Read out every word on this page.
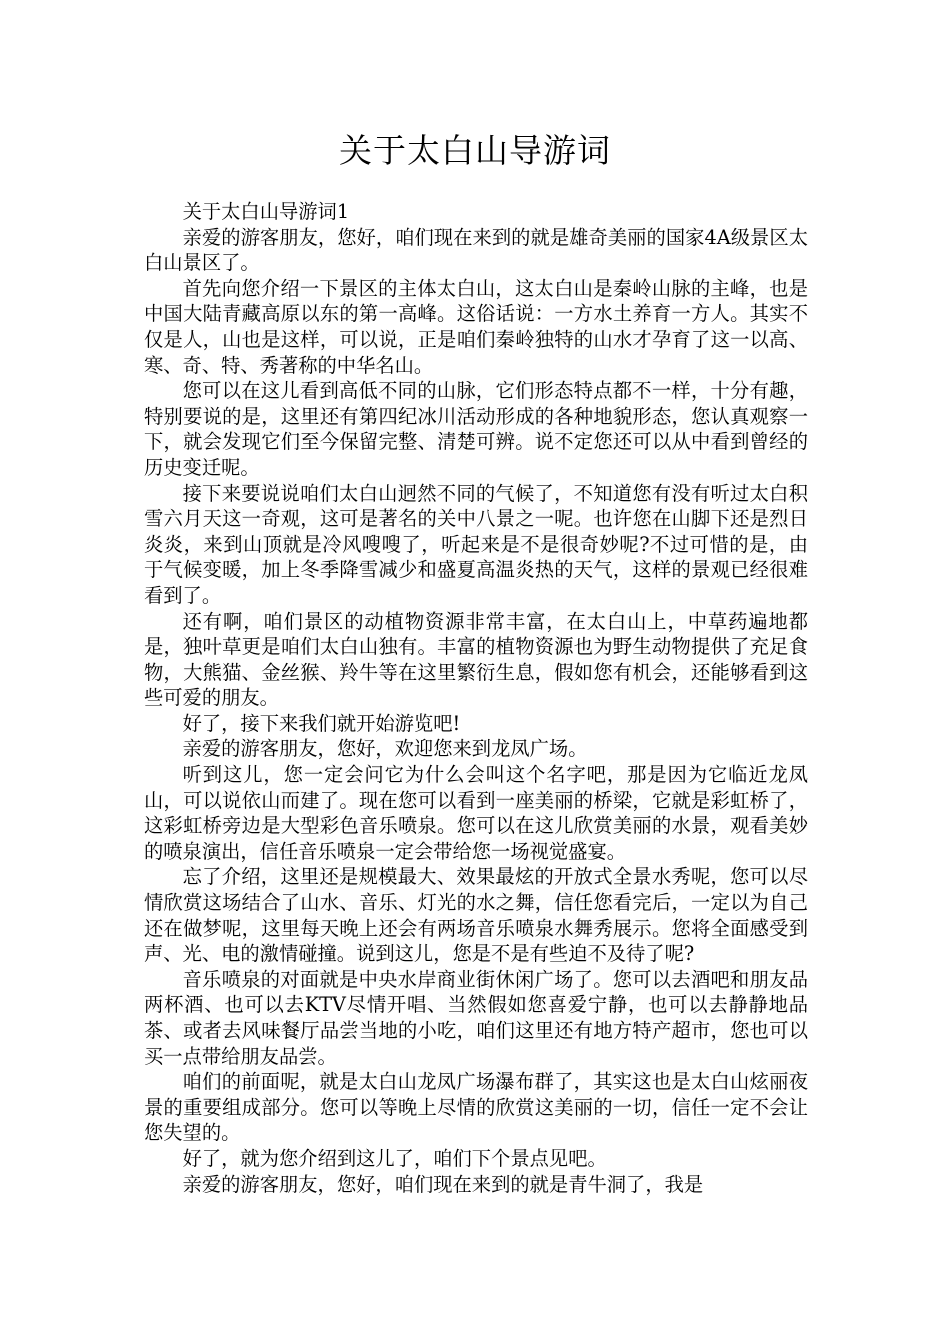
关于太白山导游词

关于太白山导游词1

亲爱的游客朋友，您好，咱们现在来到的就是雄奇美丽的国家4A级景区太白山景区了。

首先向您介绍一下景区的主体太白山，这太白山是秦岭山脉的主峰，也是中国大陆青藏高原以东的第一高峰。这俗话说：一方水土养育一方人。其实不仅是人，山也是这样，可以说，正是咱们秦岭独特的山水才孕育了这一以高、寒、奇、特、秀著称的中华名山。

您可以在这儿看到高低不同的山脉，它们形态特点都不一样，十分有趣，特别要说的是，这里还有第四纪冰川活动形成的各种地貌形态，您认真观察一下，就会发现它们至今保留完整、清楚可辨。说不定您还可以从中看到曾经的历史变迁呢。

接下来要说说咱们太白山迥然不同的气候了，不知道您有没有听过太白积雪六月天这一奇观，这可是著名的关中八景之一呢。也许您在山脚下还是烈日炎炎，来到山顶就是冷风嗖嗖了，听起来是不是很奇妙呢?不过可惜的是，由于气候变暖，加上冬季降雪减少和盛夏高温炎热的天气，这样的景观已经很难看到了。

还有啊，咱们景区的动植物资源非常丰富，在太白山上，中草药遍地都是，独叶草更是咱们太白山独有。丰富的植物资源也为野生动物提供了充足食物，大熊猫、金丝猴、羚牛等在这里繁衍生息，假如您有机会，还能够看到这些可爱的朋友。

好了，接下来我们就开始游览吧!

亲爱的游客朋友，您好，欢迎您来到龙凤广场。

听到这儿，您一定会问它为什么会叫这个名字吧，那是因为它临近龙凤山，可以说依山而建了。现在您可以看到一座美丽的桥梁，它就是彩虹桥了，这彩虹桥旁边是大型彩色音乐喷泉。您可以在这儿欣赏美丽的水景，观看美妙的喷泉演出，信任音乐喷泉一定会带给您一场视觉盛宴。

忘了介绍，这里还是规模最大、效果最炫的开放式全景水秀呢，您可以尽情欣赏这场结合了山水、音乐、灯光的水之舞，信任您看完后，一定以为自己还在做梦呢，这里每天晚上还会有两场音乐喷泉水舞秀展示。您将全面感受到声、光、电的激情碰撞。说到这儿，您是不是有些迫不及待了呢?

音乐喷泉的对面就是中央水岸商业街休闲广场了。您可以去酒吧和朋友品两杯酒、也可以去KTV尽情开唱、当然假如您喜爱宁静，也可以去静静地品茶、或者去风味餐厅品尝当地的小吃，咱们这里还有地方特产超市，您也可以买一点带给朋友品尝。

咱们的前面呢，就是太白山龙凤广场瀑布群了，其实这也是太白山炫丽夜景的重要组成部分。您可以等晚上尽情的欣赏这美丽的一切，信任一定不会让您失望的。

好了，就为您介绍到这儿了，咱们下个景点见吧。

亲爱的游客朋友，您好，咱们现在来到的就是青牛洞了，我是
